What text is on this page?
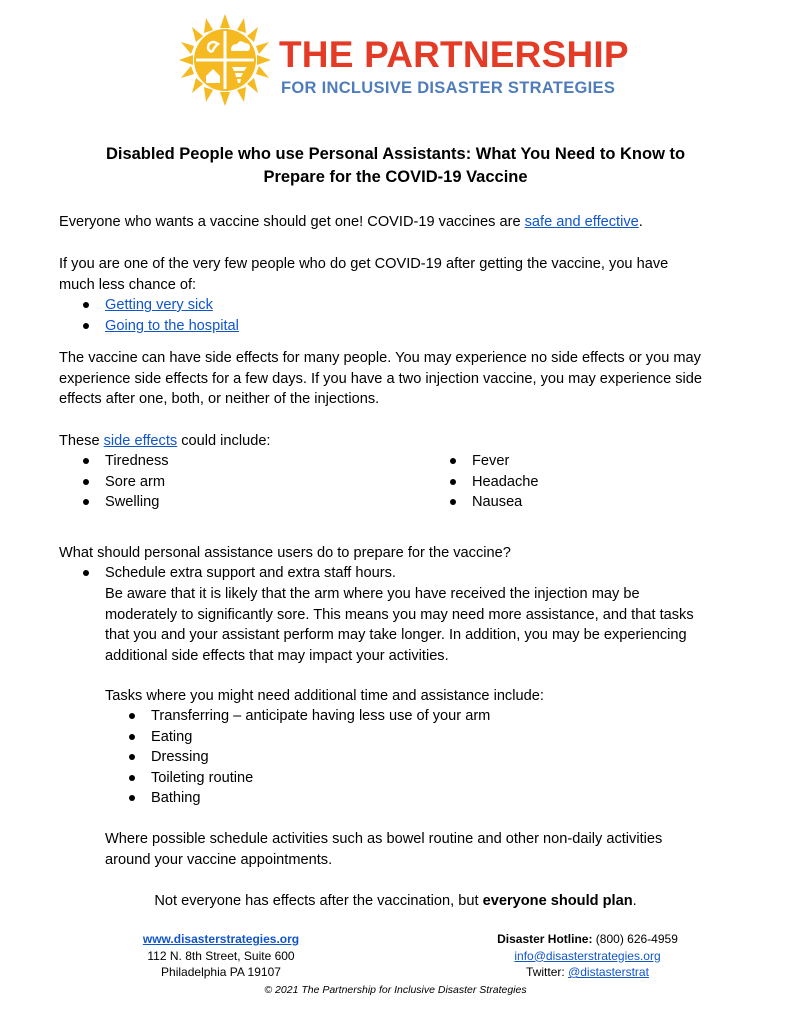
THE PARTNERSHIP
FOR INCLUSIVE DISASTER STRATEGIES
Disabled People who use Personal Assistants: What You Need to Know to
Prepare for the COVID-19 Vaccine
Everyone who wants a vaccine should get one! COVID-19 vaccines are safe and effective.
If you are one of the very few people who do get COVID-19 after getting the vaccine, you have
much less chance of:
Getting very sick
Going to the hospital
The vaccine can have side effects for many people. You may experience no side effects or you may
experience side effects for a few days. If you have a two injection vaccine, you may experience side
effects after one, both, or neither of the injections.
These side effects could include:
Tiredness
Sore arm
Swelling
Fever
Headache
Nausea
What should personal assistance users do to prepare for the vaccine?
Schedule extra support and extra staff hours.
Be aware that it is likely that the arm where you have received the injection may be
moderately to significantly sore. This means you may need more assistance, and that tasks
that you and your assistant perform may take longer. In addition, you may be experiencing
additional side effects that may impact your activities.
Tasks where you might need additional time and assistance include:
Transferring – anticipate having less use of your arm
Eating
Dressing
Toileting routine
Bathing
Where possible schedule activities such as bowel routine and other non-daily activities
around your vaccine appointments.
Not everyone has effects after the vaccination, but everyone should plan.
www.disasterstrategies.org
112 N. 8th Street, Suite 600
Philadelphia PA 19107
Disaster Hotline: (800) 626-4959
info@disasterstrategies.org
Twitter: @distasterstrat
© 2021 The Partnership for Inclusive Disaster Strategies
